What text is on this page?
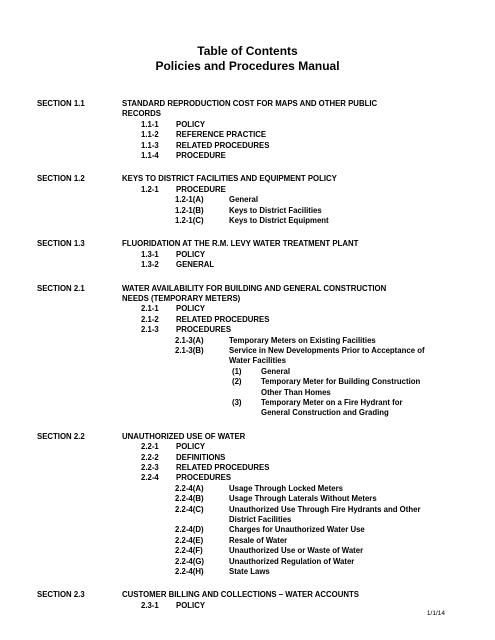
Table of Contents
Policies and Procedures Manual
SECTION 1.1	STANDARD REPRODUCTION COST FOR MAPS AND OTHER PUBLIC
RECORDS
1.1-1 POLICY
1.1-2 REFERENCE PRACTICE
1.1-3 RELATED PROCEDURES
1.1-4 PROCEDURE
SECTION 1.2	KEYS TO DISTRICT FACILITIES AND EQUIPMENT POLICY
1.2-1 PROCEDURE
1.2-1(A)	General
1.2-1(B)	Keys to District Facilities
1.2-1(C)	Keys to District Equipment
SECTION 1.3	FLUORIDATION AT THE R.M. LEVY WATER TREATMENT PLANT
1.3-1 POLICY
1.3-2 GENERAL
SECTION 2.1	WATER AVAILABILITY FOR BUILDING AND GENERAL CONSTRUCTION
NEEDS (TEMPORARY METERS)
2.1-1 POLICY
2.1-2 RELATED PROCEDURES
2.1-3 PROCEDURES
2.1-3(A)	Temporary Meters on Existing Facilities
2.1-3(B)	Service in New Developments Prior to Acceptance of
Water Facilities
(1) General
(2) Temporary Meter for Building Construction
Other Than Homes
(3) Temporary Meter on a Fire Hydrant for
General Construction and Grading
SECTION 2.2	UNAUTHORIZED USE OF WATER
2.2-1 POLICY
2.2-2 DEFINITIONS
2.2-3 RELATED PROCEDURES
2.2-4 PROCEDURES
2.2-4(A)	Usage Through Locked Meters
2.2-4(B)	Usage Through Laterals Without Meters
2.2-4(C)	Unauthorized Use Through Fire Hydrants and Other
District Facilities
2.2-4(D)	Charges for Unauthorized Water Use
2.2-4(E)	Resale of Water
2.2-4(F)	Unauthorized Use or Waste of Water
2.2-4(G)	Unauthorized Regulation of Water
2.2-4(H)	State Laws
SECTION 2.3	CUSTOMER BILLING AND COLLECTIONS – WATER ACCOUNTS
2.3-1 POLICY
1/1/14
